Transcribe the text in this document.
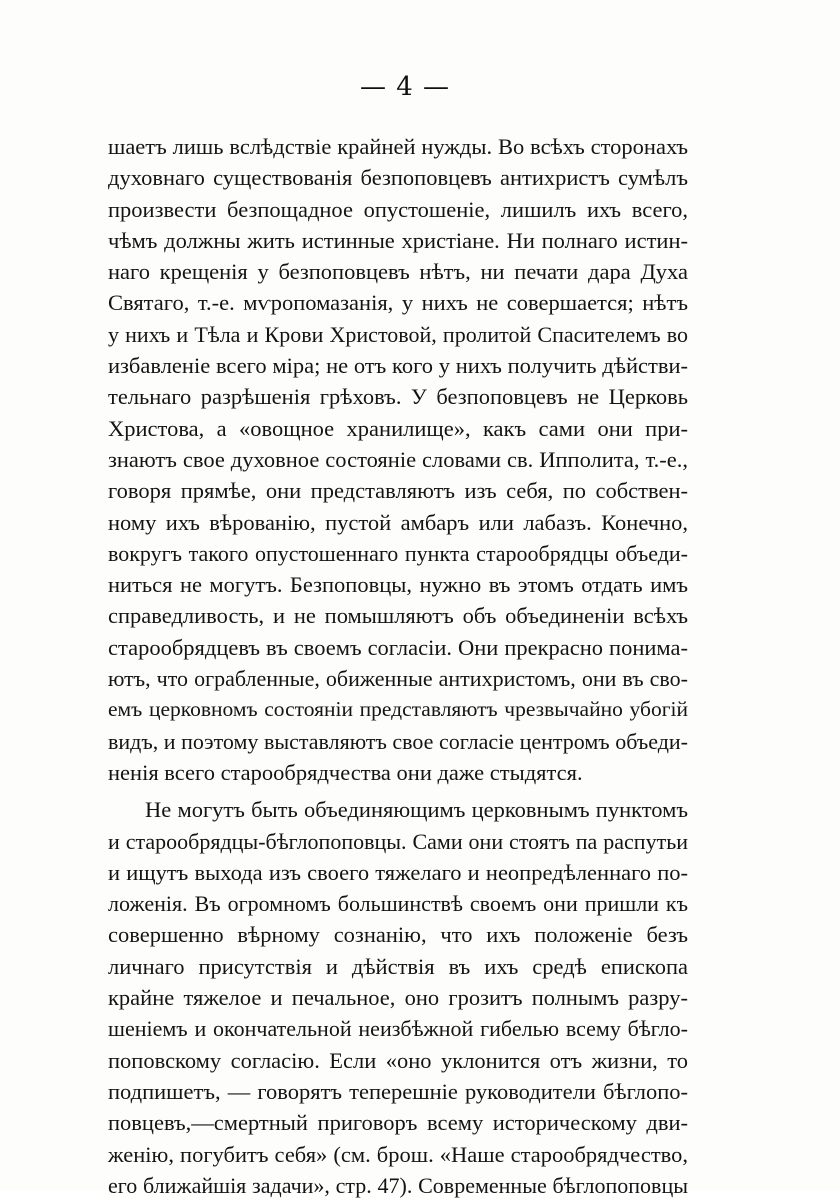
— 4 —
шаетъ лишь вслѣдствіе крайней нужды. Во всѣхъ сторонахъ
духовнаго существованія безпоповцевъ антихристъ сумѣлъ
произвести безпощадное опустошеніе, лишилъ ихъ всего,
чѣмъ должны жить истинные христіане. Ни полнаго истин-
наго крещенія у безпоповцевъ нѣтъ, ни печати дара Духа
Святаго, т.-е. мѵропомазанія, у нихъ не совершается; нѣтъ
у нихъ и Тѣла и Крови Христовой, пролитой Спасителемъ во
избавленіе всего міра; не отъ кого у нихъ получить дѣйстви-
тельнаго разрѣшенія грѣховъ. У безпоповцевъ не Церковь
Христова, а «овощное хранилище», какъ сами они при-
знаютъ свое духовное состояніе словами св. Ипполита, т.-е.,
говоря прямѣе, они представляютъ изъ себя, по собствен-
ному ихъ вѣрованію, пустой амбаръ или лабазъ. Конечно,
вокругъ такого опустошеннаго пункта старообрядцы объеди-
ниться не могутъ. Безпоповцы, нужно въ этомъ отдать имъ
справедливость, и не помышляютъ объ объединеніи всѣхъ
старообрядцевъ въ своемъ согласіи. Они прекрасно понима-
ютъ, что ограбленные, обиженные антихристомъ, они въ сво-
емъ церковномъ состояніи представляютъ чрезвычайно убогій
видъ, и поэтому выставляютъ свое согласіе центромъ объеди-
ненія всего старообрядчества они даже стыдятся.
Не могутъ быть объединяющимъ церковнымъ пунктомъ
и старообрядцы-бѣглопоповцы. Сами они стоятъ па распутьи
и ищутъ выхода изъ своего тяжелаго и неопредѣленнаго по-
ложенія. Въ огромномъ большинствѣ своемъ они пришли къ
совершенно вѣрному сознанію, что ихъ положеніе безъ
личнаго присутствія и дѣйствія въ ихъ средѣ епископа
крайне тяжелое и печальное, оно грозитъ полнымъ разру-
шеніемъ и окончательной неизбѣжной гибелью всему бѣгло-
поповскому согласію. Если «оно уклонится отъ жизни, то
подпишетъ, — говорятъ теперешніе руководители бѣглопо-
повцевъ,—смертный приговоръ всему историческому дви-
женію, погубитъ себя» (см. брош. «Наше старообрядчество,
его ближайшія задачи», стр. 47). Современные бѣглопоповцы
